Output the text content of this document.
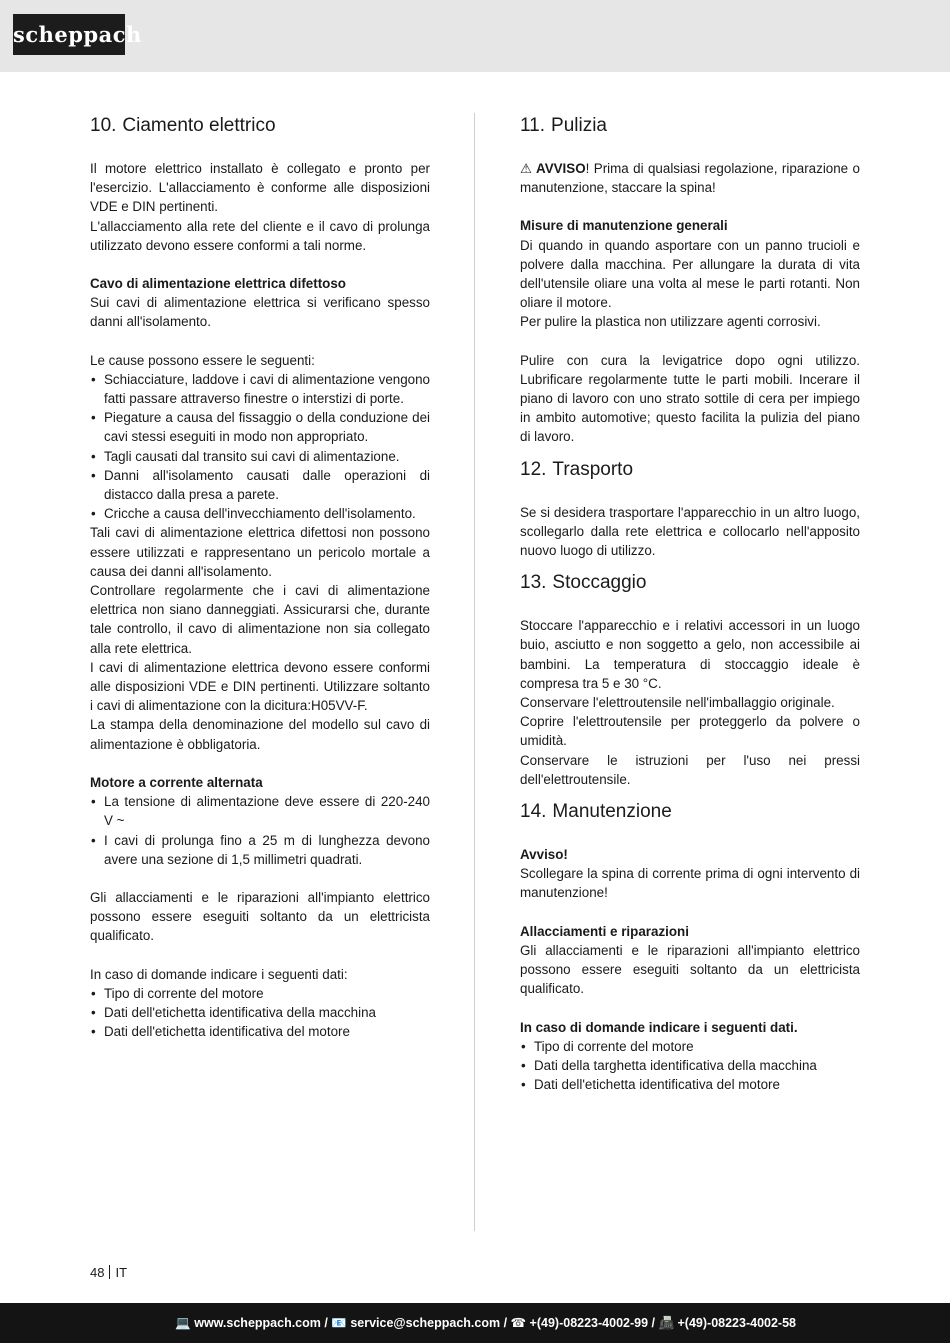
scheppach
10. Ciamento elettrico

Il motore elettrico installato è collegato e pronto per l'esercizio. L'allacciamento è conforme alle disposizioni VDE e DIN pertinenti.

L'allacciamento alla rete del cliente e il cavo di prolunga utilizzato devono essere conformi a tali norme.

Cavo di alimentazione elettrica difettoso

Sui cavi di alimentazione elettrica si verificano spesso danni all'isolamento.

Le cause possono essere le seguenti:

• Schiacciature, laddove i cavi di alimentazione vengono fatti passare attraverso finestre o interstizi di porte.
• Piegature a causa del fissaggio o della conduzione dei cavi stessi eseguiti in modo non appropriato.
• Tagli causati dal transito sui cavi di alimentazione.
• Danni all'isolamento causati dalle operazioni di distacco dalla presa a parete.
• Cricche a causa dell'invecchiamento dell'isolamento.

Tali cavi di alimentazione elettrica difettosi non possono essere utilizzati e rappresentano un pericolo mortale a causa dei danni all'isolamento.

Controllare regolarmente che i cavi di alimentazione elettrica non siano danneggiati. Assicurarsi che, durante tale controllo, il cavo di alimentazione non sia collegato alla rete elettrica.

I cavi di alimentazione elettrica devono essere conformi alle disposizioni VDE e DIN pertinenti. Utilizzare soltanto i cavi di alimentazione con la dicitura:H05VV-F.

La stampa della denominazione del modello sul cavo di alimentazione è obbligatoria.

Motore a corrente alternata

• La tensione di alimentazione deve essere di 220-240 V ~
• I cavi di prolunga fino a 25 m di lunghezza devono avere una sezione di 1,5 millimetri quadrati.

Gli allacciamenti e le riparazioni all'impianto elettrico possono essere eseguiti soltanto da un elettricista qualificato.

In caso di domande indicare i seguenti dati:

• Tipo di corrente del motore
• Dati dell'etichetta identificativa della macchina
• Dati dell'etichetta identificativa del motore
11. Pulizia

⚠ AVVISO! Prima di qualsiasi regolazione, riparazione o manutenzione, staccare la spina!

Misure di manutenzione generali

Di quando in quando asportare con un panno trucioli e polvere dalla macchina. Per allungare la durata di vita dell'utensile oliare una volta al mese le parti rotanti. Non oliare il motore.

Per pulire la plastica non utilizzare agenti corrosivi.

Pulire con cura la levigatrice dopo ogni utilizzo. Lubrificare regolarmente tutte le parti mobili. Incerare il piano di lavoro con uno strato sottile di cera per impiego in ambito automotive; questo facilita la pulizia del piano di lavoro.

12. Trasporto

Se si desidera trasportare l'apparecchio in un altro luogo, scollegarlo dalla rete elettrica e collocarlo nell'apposito nuovo luogo di utilizzo.

13. Stoccaggio

Stoccare l'apparecchio e i relativi accessori in un luogo buio, asciutto e non soggetto a gelo, non accessibile ai bambini. La temperatura di stoccaggio ideale è compresa tra 5 e 30 °C.

Conservare l'elettroutensile nell'imballaggio originale.

Coprire l'elettroutensile per proteggerlo da polvere o umidità.

Conservare le istruzioni per l'uso nei pressi dell'elettroutensile.

14. Manutenzione

Avviso!

Scollegare la spina di corrente prima di ogni intervento di manutenzione!

Allacciamenti e riparazioni

Gli allacciamenti e le riparazioni all'impianto elettrico possono essere eseguiti soltanto da un elettricista qualificato.

In caso di domande indicare i seguenti dati.

• Tipo di corrente del motore
• Dati della targhetta identificativa della macchina
• Dati dell'etichetta identificativa del motore
48 IT
💻 www.scheppach.com / 📧 service@scheppach.com / ☎ +(49)-08223-4002-99 / 📠 +(49)-08223-4002-58
